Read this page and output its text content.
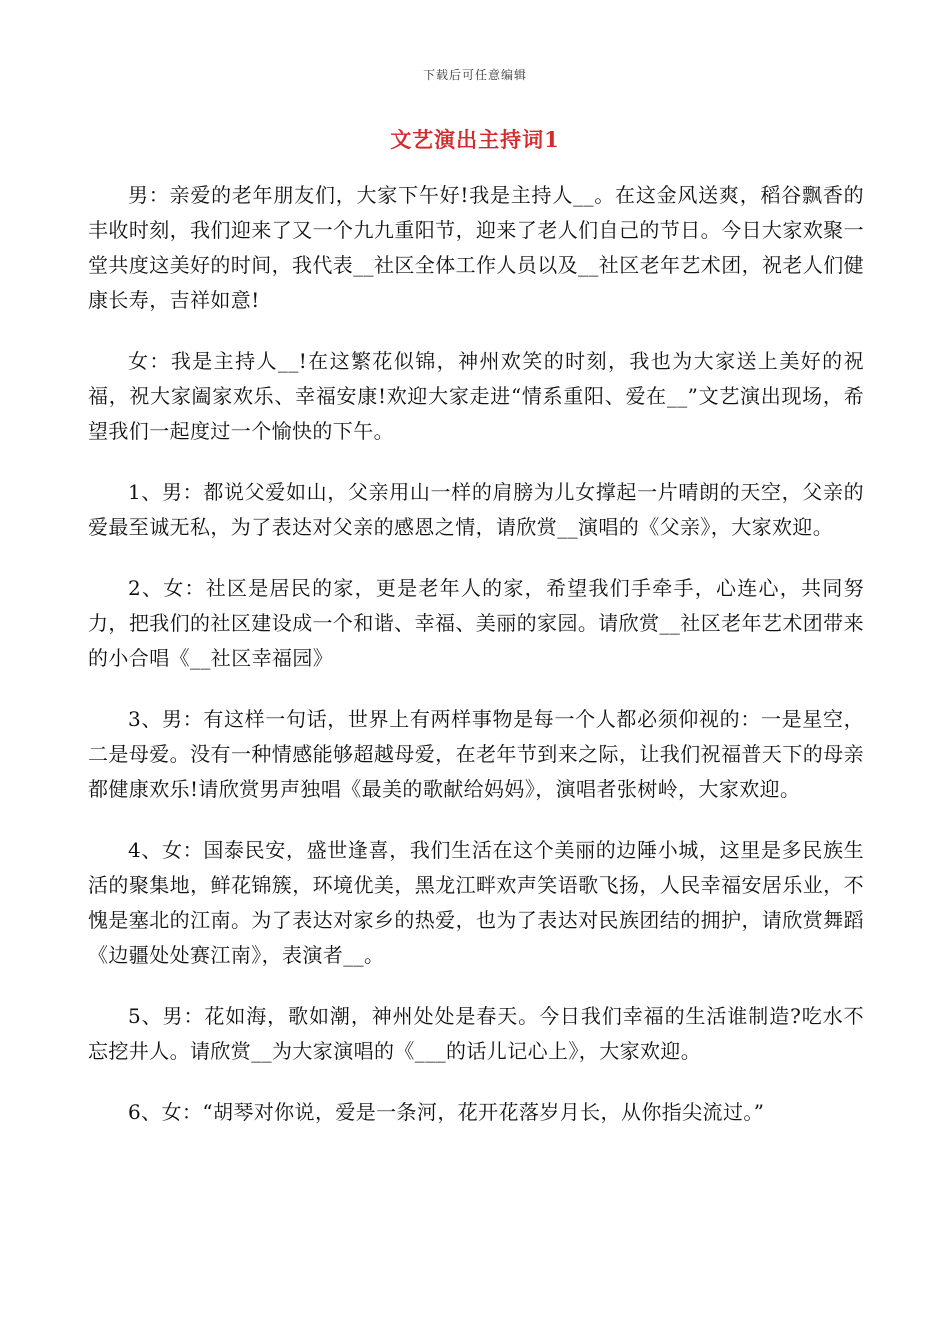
下载后可任意编辑
文艺演出主持词1

男：亲爱的老年朋友们，大家下午好!我是主持人__。在这金风送爽，稻谷飘香的丰收时刻，我们迎来了又一个九九重阳节，迎来了老人们自己的节日。今日大家欢聚一堂共度这美好的时间，我代表__社区全体工作人员以及__社区老年艺术团，祝老人们健康长寿，吉祥如意!

女：我是主持人__!在这繁花似锦，神州欢笑的时刻，我也为大家送上美好的祝福，祝大家阖家欢乐、幸福安康!欢迎大家走进“情系重阳、爱在__”文艺演出现场，希望我们一起度过一个愉快的下午。

1、男：都说父爱如山，父亲用山一样的肩膀为儿女撑起一片晴朗的天空，父亲的爱最至诚无私，为了表达对父亲的感恩之情，请欣赏__演唱的《父亲》，大家欢迎。

2、女：社区是居民的家，更是老年人的家，希望我们手牵手，心连心，共同努力，把我们的社区建设成一个和谐、幸福、美丽的家园。请欣赏__社区老年艺术团带来的小合唱《__社区幸福园》

3、男：有这样一句话，世界上有两样事物是每一个人都必须仰视的：一是星空，二是母爱。没有一种情感能够超越母爱，在老年节到来之际，让我们祝福普天下的母亲都健康欢乐!请欣赏男声独唱《最美的歌献给妈妈》，演唱者张树岭，大家欢迎。

4、女：国泰民安，盛世逢喜，我们生活在这个美丽的边陲小城，这里是多民族生活的聚集地，鲜花锦簇，环境优美，黑龙江畔欢声笑语歌飞扬，人民幸福安居乐业，不愧是塞北的江南。为了表达对家乡的热爱，也为了表达对民族团结的拥护，请欣赏舞蹈《边疆处处赛江南》，表演者__。

5、男：花如海，歌如潮，神州处处是春天。今日我们幸福的生活谁制造?吃水不忘挖井人。请欣赏__为大家演唱的《___的话儿记心上》，大家欢迎。

6、女：“胡琴对你说，爱是一条河，花开花落岁月长，从你指尖流过。”
